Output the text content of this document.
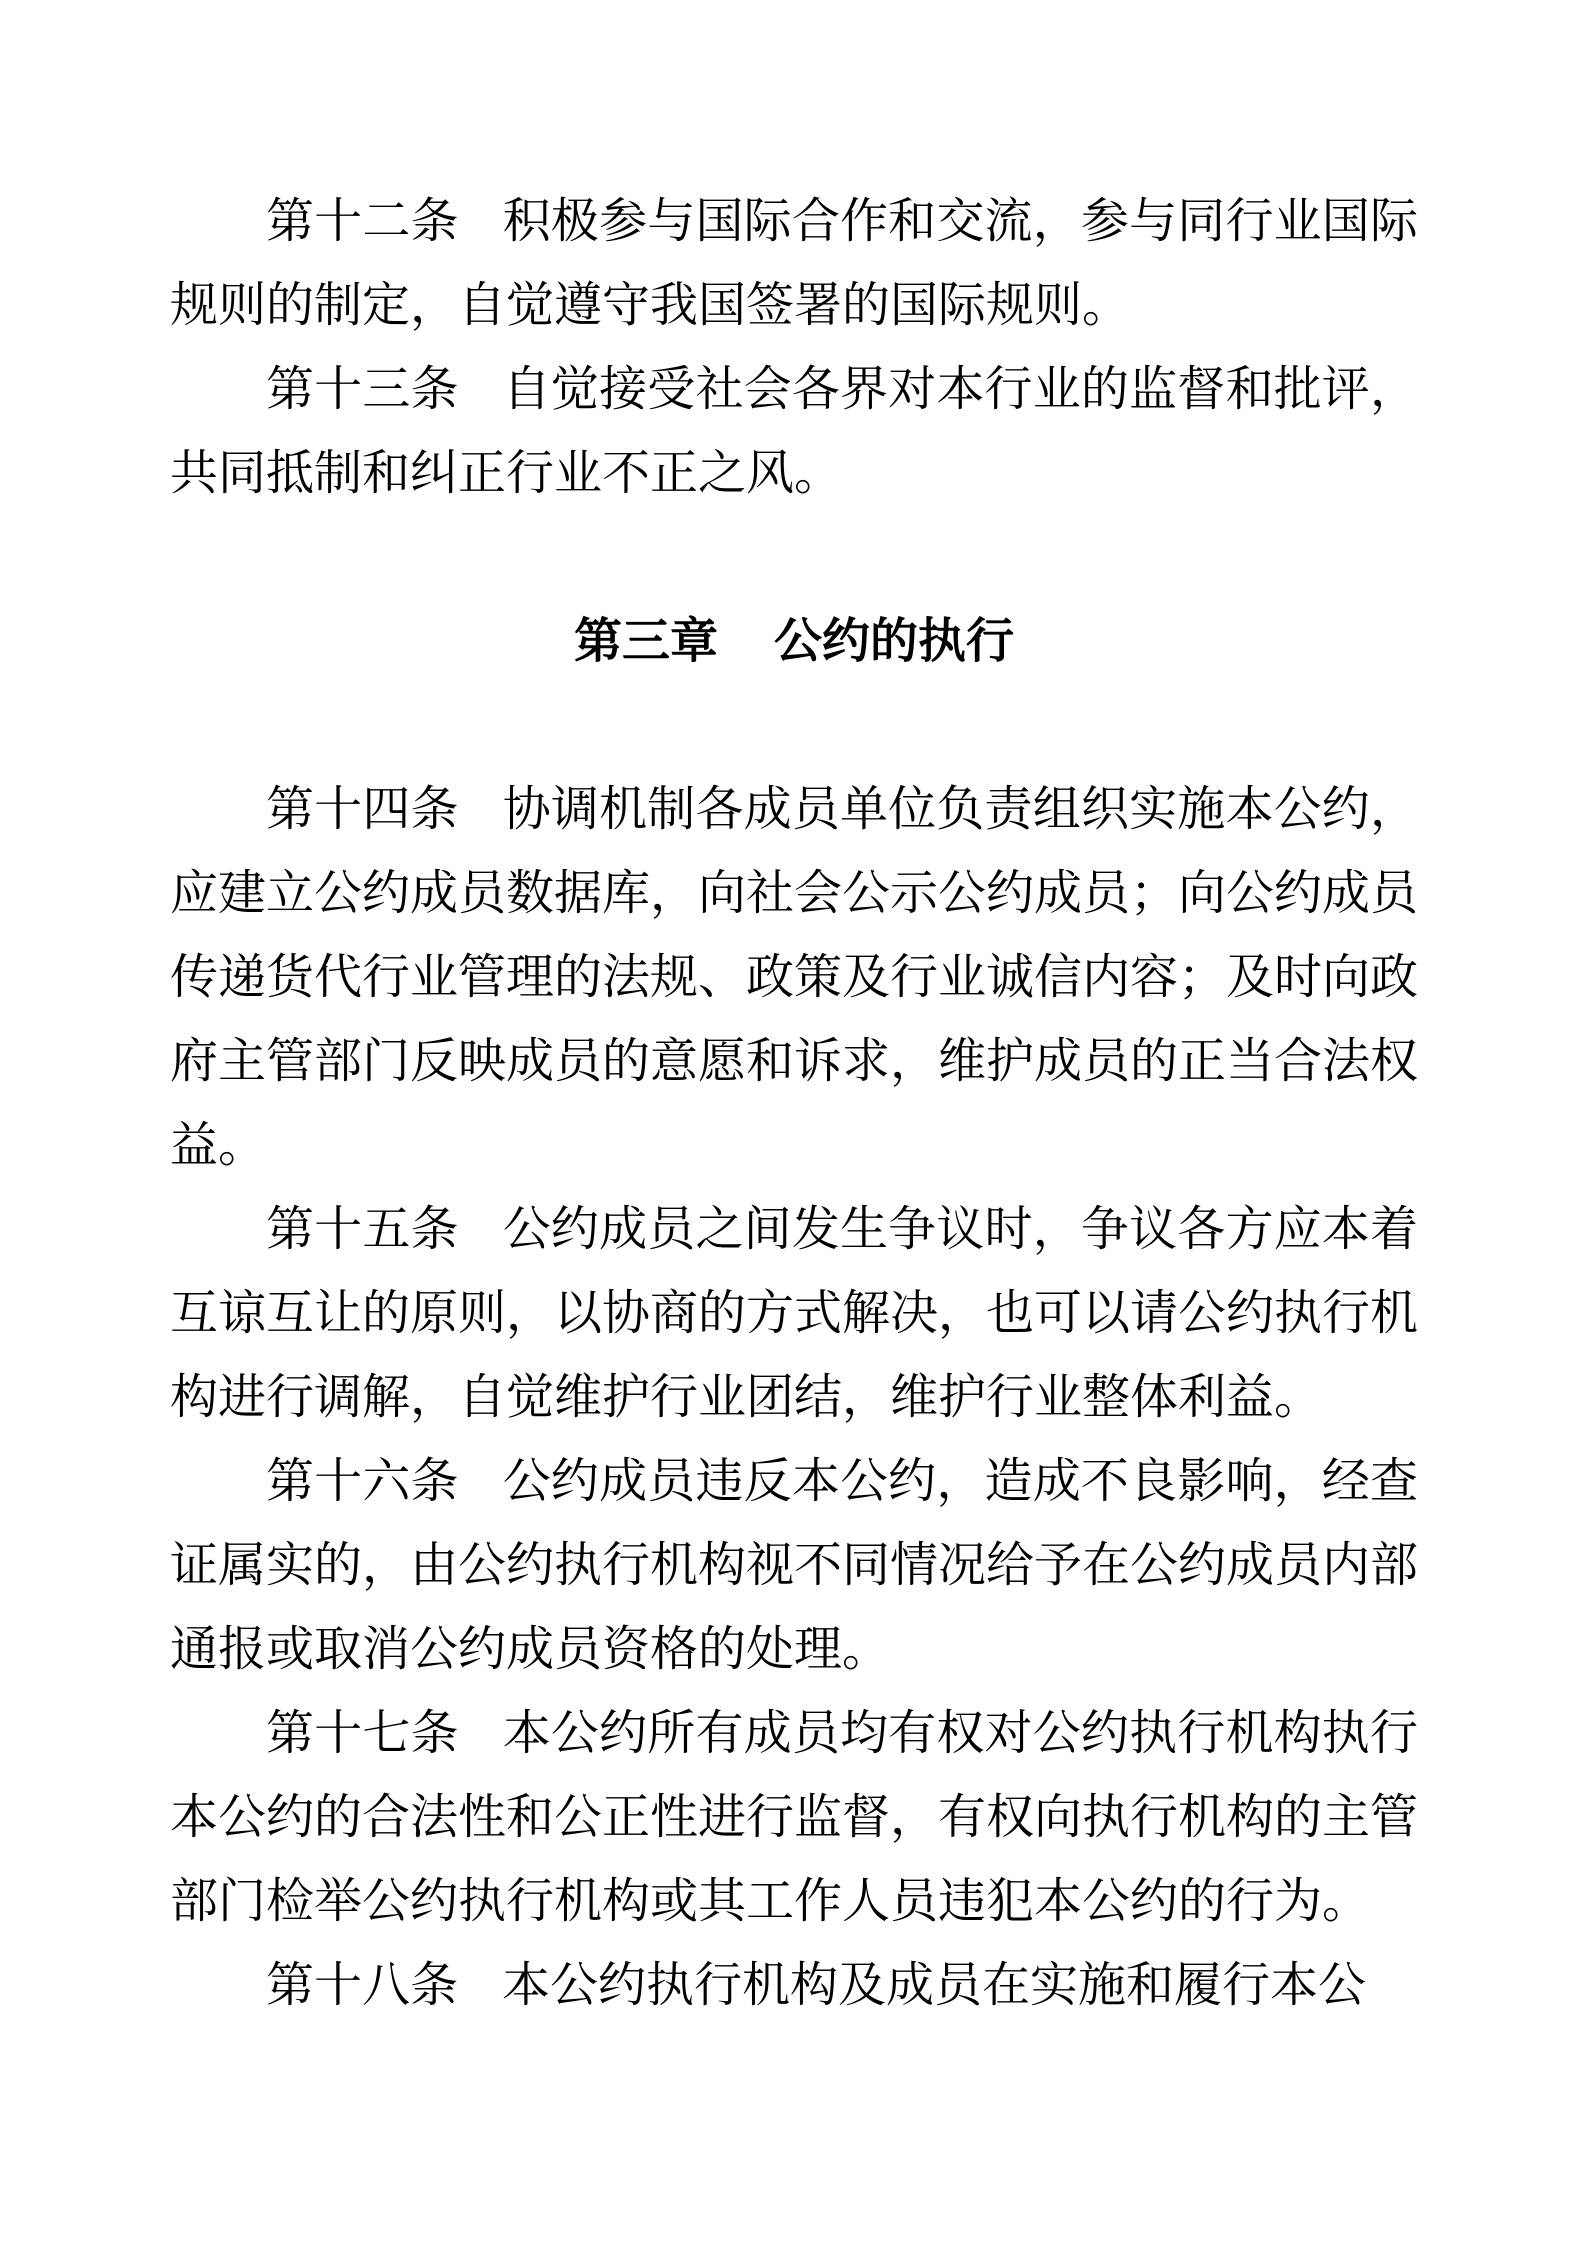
第十二条 积极参与国际合作和交流，参与同行业国际规则的制定，自觉遵守我国签署的国际规则。

第十三条 自觉接受社会各界对本行业的监督和批评，共同抵制和纠正行业不正之风。

第三章 公约的执行

第十四条 协调机制各成员单位负责组织实施本公约，应建立公约成员数据库，向社会公示公约成员；向公约成员传递货代行业管理的法规、政策及行业诚信内容；及时向政府主管部门反映成员的意愿和诉求，维护成员的正当合法权益。

第十五条 公约成员之间发生争议时，争议各方应本着互谅互让的原则，以协商的方式解决，也可以请公约执行机构进行调解，自觉维护行业团结，维护行业整体利益。

第十六条 公约成员违反本公约，造成不良影响，经查证属实的，由公约执行机构视不同情况给予在公约成员内部通报或取消公约成员资格的处理。

第十七条 本公约所有成员均有权对公约执行机构执行本公约的合法性和公正性进行监督，有权向执行机构的主管部门检举公约执行机构或其工作人员违犯本公约的行为。

第十八条 本公约执行机构及成员在实施和履行本公
